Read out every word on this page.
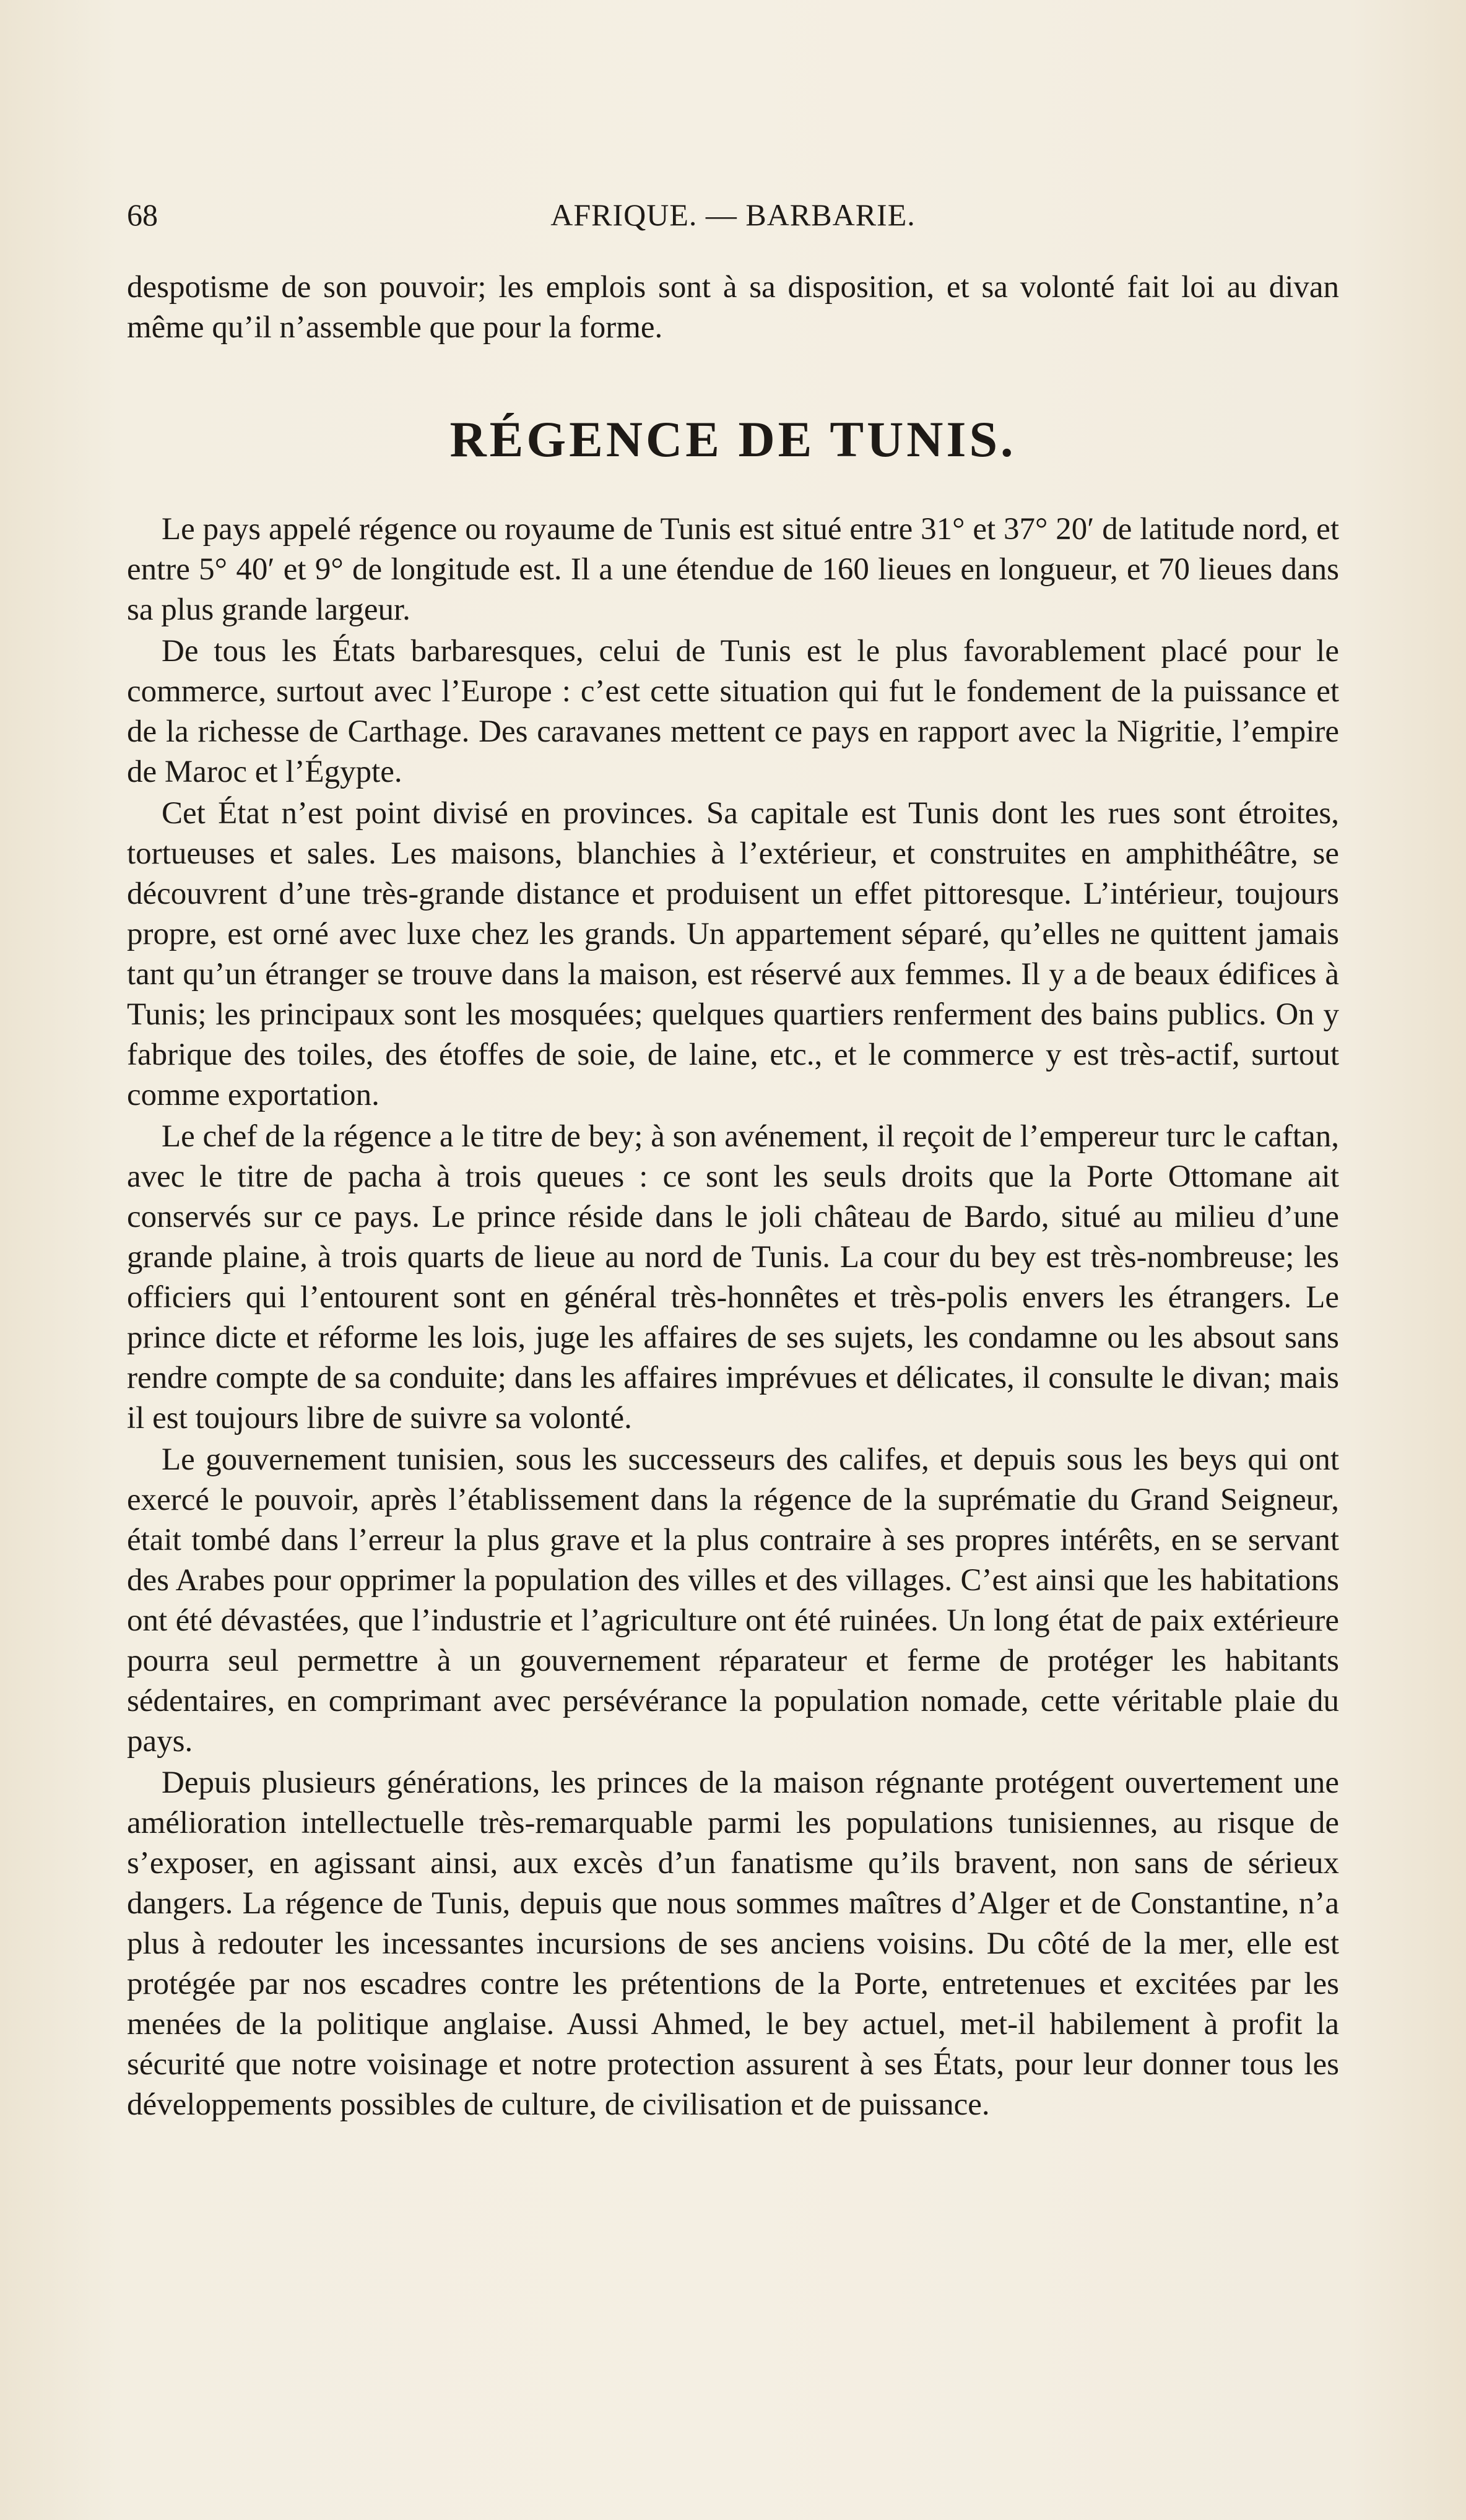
68	AFRIQUE. — BARBARIE.

despotisme de son pouvoir; les emplois sont à sa disposition, et sa volonté fait loi au divan même qu’il n’assemble que pour la forme.

RÉGENCE DE TUNIS.

Le pays appelé régence ou royaume de Tunis est situé entre 31° et 37° 20′ de latitude nord, et entre 5° 40′ et 9° de longitude est. Il a une étendue de 160 lieues en longueur, et 70 lieues dans sa plus grande largeur.

De tous les États barbaresques, celui de Tunis est le plus favorablement placé pour le commerce, surtout avec l’Europe : c’est cette situation qui fut le fondement de la puissance et de la richesse de Carthage. Des caravanes mettent ce pays en rapport avec la Nigritie, l’empire de Maroc et l’Égypte.

Cet État n’est point divisé en provinces. Sa capitale est Tunis dont les rues sont étroites, tortueuses et sales. Les maisons, blanchies à l’extérieur, et construites en amphithéâtre, se découvrent d’une très-grande distance et produisent un effet pittoresque. L’intérieur, toujours propre, est orné avec luxe chez les grands. Un appartement séparé, qu’elles ne quittent jamais tant qu’un étranger se trouve dans la maison, est réservé aux femmes. Il y a de beaux édifices à Tunis; les principaux sont les mosquées; quelques quartiers renferment des bains publics. On y fabrique des toiles, des étoffes de soie, de laine, etc., et le commerce y est très-actif, surtout comme exportation.

Le chef de la régence a le titre de bey; à son avénement, il reçoit de l’empereur turc le caftan, avec le titre de pacha à trois queues : ce sont les seuls droits que la Porte Ottomane ait conservés sur ce pays. Le prince réside dans le joli château de Bardo, situé au milieu d’une grande plaine, à trois quarts de lieue au nord de Tunis. La cour du bey est très-nombreuse; les officiers qui l’entourent sont en général très-honnêtes et très-polis envers les étrangers. Le prince dicte et réforme les lois, juge les affaires de ses sujets, les condamne ou les absout sans rendre compte de sa conduite; dans les affaires imprévues et délicates, il consulte le divan; mais il est toujours libre de suivre sa volonté.

Le gouvernement tunisien, sous les successeurs des califes, et depuis sous les beys qui ont exercé le pouvoir, après l’établissement dans la régence de la suprématie du Grand Seigneur, était tombé dans l’erreur la plus grave et la plus contraire à ses propres intérêts, en se servant des Arabes pour opprimer la population des villes et des villages. C’est ainsi que les habitations ont été dévastées, que l’industrie et l’agriculture ont été ruinées. Un long état de paix extérieure pourra seul permettre à un gouvernement réparateur et ferme de protéger les habitants sédentaires, en comprimant avec persévérance la population nomade, cette véritable plaie du pays.

Depuis plusieurs générations, les princes de la maison régnante protégent ouvertement une amélioration intellectuelle très-remarquable parmi les populations tunisiennes, au risque de s’exposer, en agissant ainsi, aux excès d’un fanatisme qu’ils bravent, non sans de sérieux dangers. La régence de Tunis, depuis que nous sommes maîtres d’Alger et de Constantine, n’a plus à redouter les incessantes incursions de ses anciens voisins. Du côté de la mer, elle est protégée par nos escadres contre les prétentions de la Porte, entretenues et excitées par les menées de la politique anglaise. Aussi Ahmed, le bey actuel, met-il habilement à profit la sécurité que notre voisinage et notre protection assurent à ses États, pour leur donner tous les développements possibles de culture, de civilisation et de puissance.
